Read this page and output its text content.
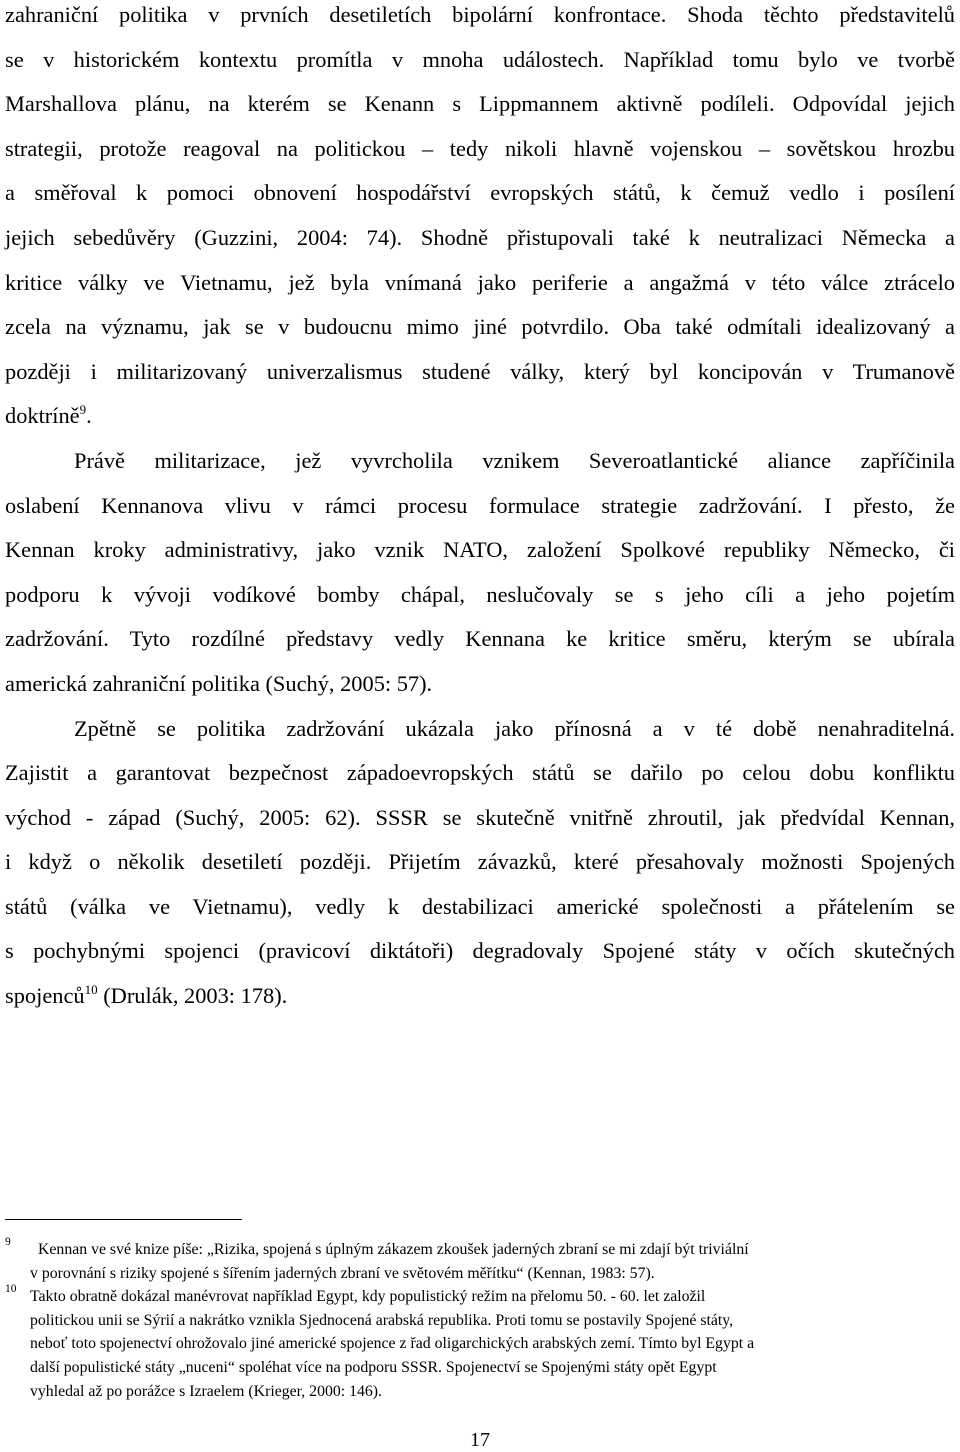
zahraniční politika v prvních desetiletích bipolární konfrontace. Shoda těchto představitelů
se v historickém kontextu promítla v mnoha událostech. Například tomu bylo ve tvorbě
Marshallova plánu, na kterém se Kenann s Lippmannem aktivně podíleli. Odpovídal jejich
strategii, protože reagoval na politickou – tedy nikoli hlavně vojenskou – sovětskou hrozbu
a směřoval k pomoci obnovení hospodářství evropských států, k čemuž vedlo i posílení
jejich sebedůvěry (Guzzini, 2004: 74). Shodně přistupovali také k neutralizaci Německa a
kritice války ve Vietnamu, jež byla vnímaná jako periferie a angažmá v této válce ztrácelo
zcela na významu, jak se v budoucnu mimo jiné potvrdilo. Oba také odmítali idealizovaný a
později i militarizovaný univerzalismus studené války, který byl koncipován v Trumanově
doktríně$^9$.

Právě militarizace, jež vyvrcholila vznikem Severoatlantické aliance zapříčinila
oslabení Kennanova vlivu v rámci procesu formulace strategie zadržování. I přesto, že
Kennan kroky administrativy, jako vznik NATO, založení Spolkové republiky Německo, či
podporu k vývoji vodíkové bomby chápal, neslučovaly se s jeho cíli a jeho pojetím
zadržování. Tyto rozdílné představy vedly Kennana ke kritice směru, kterým se ubírala
americká zahraniční politika (Suchý, 2005: 57).

Zpětně se politika zadržování ukázala jako přínosná a v té době nenahraditelná.
Zajistit a garantovat bezpečnost západoevropských států se dařilo po celou dobu konfliktu
východ - západ (Suchý, 2005: 62). SSSR se skutečně vnitřně zhroutil, jak předvídal Kennan,
i když o několik desetiletí později. Přijetím závazků, které přesahovaly možnosti Spojených
států (válka ve Vietnamu), vedly k destabilizaci americké společnosti a přátelením se
s pochybnými spojenci (pravicoví diktátoři) degradovaly Spojené státy v očích skutečných
spojenců$^{10}$ (Drulák, 2003: 178).

9	Kennan ve své knize píše: „Rizika, spojená s úplným zákazem zkoušek jaderných zbraní se mi zdají být triviální
v porovnání s riziky spojené s šířením jaderných zbraní ve světovém měřítku“ (Kennan, 1983: 57).
10 Takto obratně dokázal manévrovat například Egypt, kdy populistický režim na přelomu 50. - 60. let založil
politickou unii se Sýrií a nakrátko vznikla Sjednocená arabská republika. Proti tomu se postavily Spojené státy,
neboť toto spojenectví ohrožovalo jiné americké spojence z řad oligarchických arabských zemí. Tímto byl Egypt a
další populistické státy „nuceni“ spoléhat více na podporu SSSR. Spojenectví se Spojenými státy opět Egypt
vyhledal až po porážce s Izraelem (Krieger, 2000: 146).
17
